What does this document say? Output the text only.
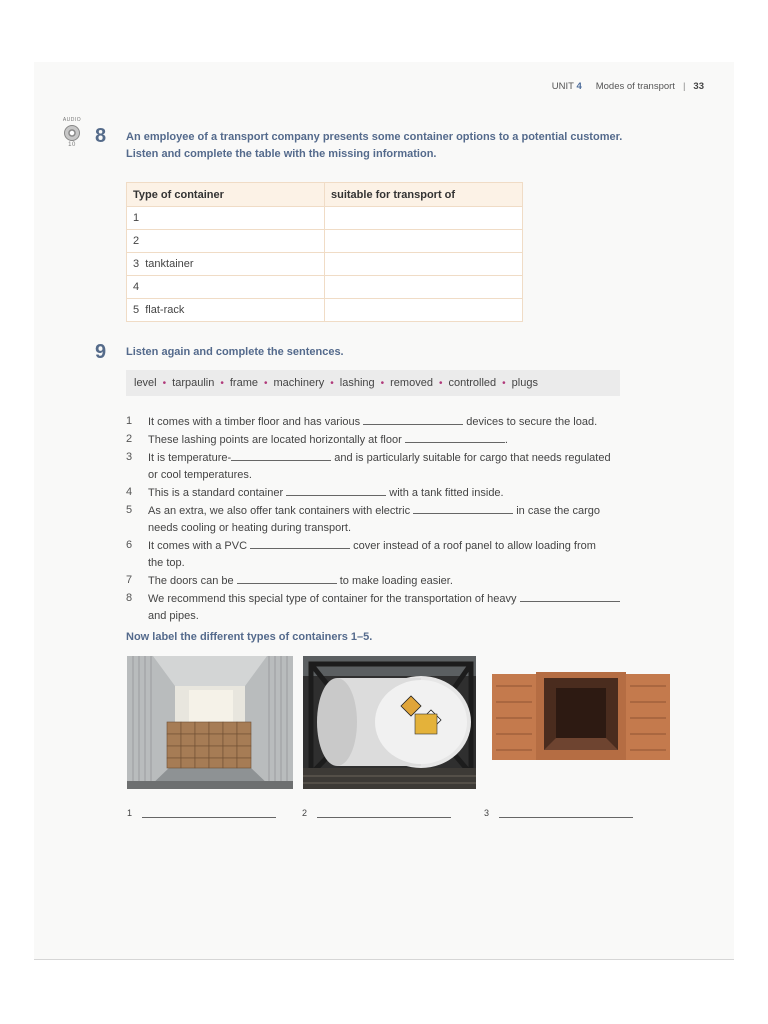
UNIT 4 Modes of transport | 33
AUDIO
10 8 An employee of a transport company presents some container options to a potential customer.
Listen and complete the table with the missing information.
Type of container	suitable for transport of
1	
2	
3  tanktainer	
4	
5  flat-rack	
9 Listen again and complete the sentences.
level • tarpaulin • frame • machinery • lashing • removed • controlled • plugs
1	It comes with a timber floor and has various	devices to secure the load.
2	These lashing points are located horizontally at floor	.
3	It is temperature-	and is particularly suitable for cargo that needs regulated
or cool temperatures.
4	This is a standard container	with a tank fitted inside.
5	As an extra, we also offer tank containers with electric	in case the cargo
needs cooling or heating during transport.
6	It comes with a PVC	cover instead of a roof panel to allow loading from
the top.
7	The doors can be	to make loading easier.
8	We recommend this special type of container for the transportation of heavy
and pipes.
Now label the different types of containers 1–5.
1	2	3
